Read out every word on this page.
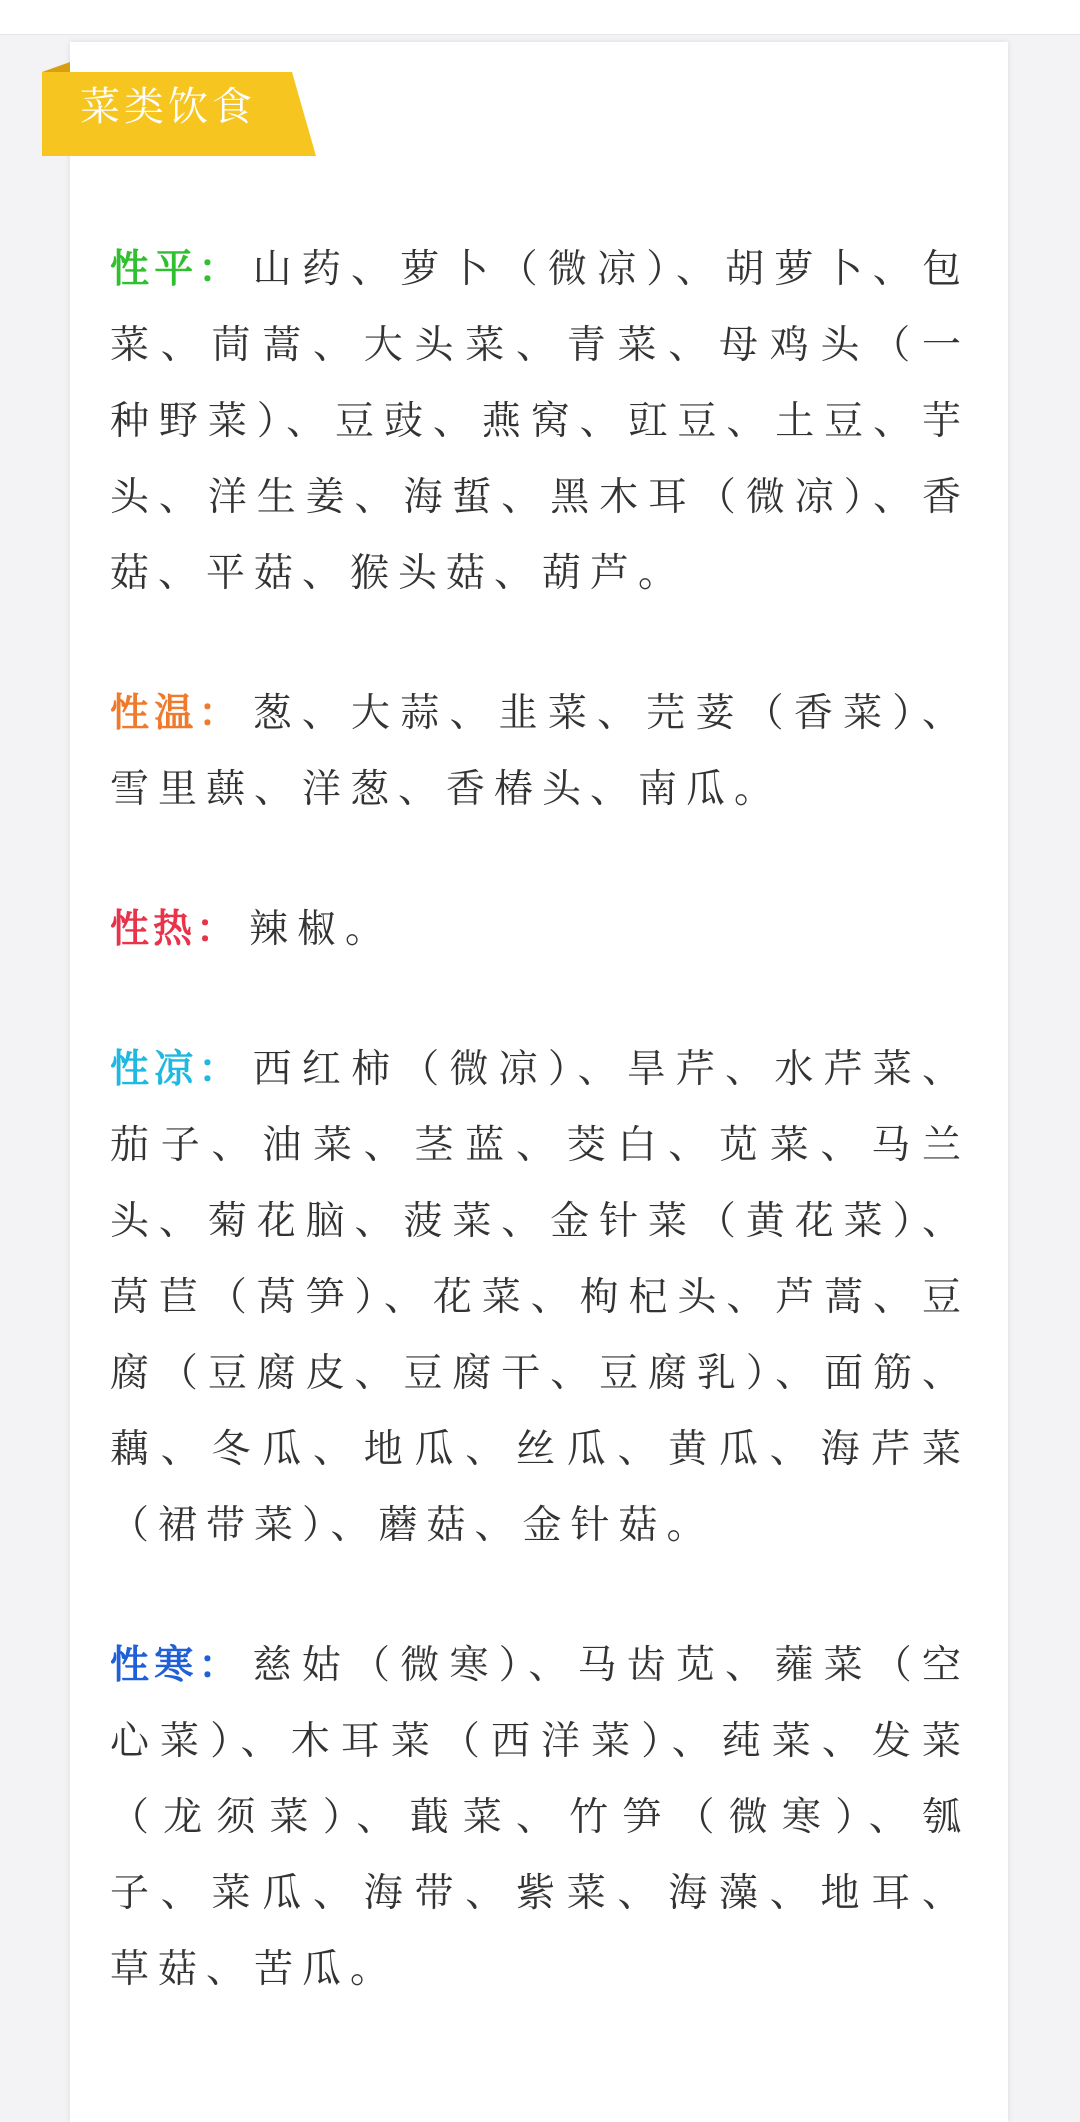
菜类饮食

性平： 山药、萝卜（微凉）、胡萝卜、包菜、茼蒿、大头菜、青菜、母鸡头（一种野菜）、豆豉、燕窝、豇豆、土豆、芋头、洋生姜、海蜇、黑木耳（微凉）、香菇、平菇、猴头菇、葫芦。

性温： 葱、大蒜、韭菜、芫荽（香菜）、雪里蕻、洋葱、香椿头、南瓜。

性热： 辣椒。

性凉： 西红柿（微凉）、旱芹、水芹菜、茄子、油菜、茎蓝、茭白、苋菜、马兰头、菊花脑、菠菜、金针菜（黄花菜）、莴苣（莴笋）、花菜、枸杞头、芦蒿、豆腐（豆腐皮、豆腐干、豆腐乳）、面筋、藕、冬瓜、地瓜、丝瓜、黄瓜、海芹菜（裙带菜）、蘑菇、金针菇。

性寒： 慈姑（微寒）、马齿苋、蕹菜（空心菜）、木耳菜（西洋菜）、莼菜、发菜（龙须菜）、蕺菜、竹笋（微寒）、瓠子、菜瓜、海带、紫菜、海藻、地耳、草菇、苦瓜。
